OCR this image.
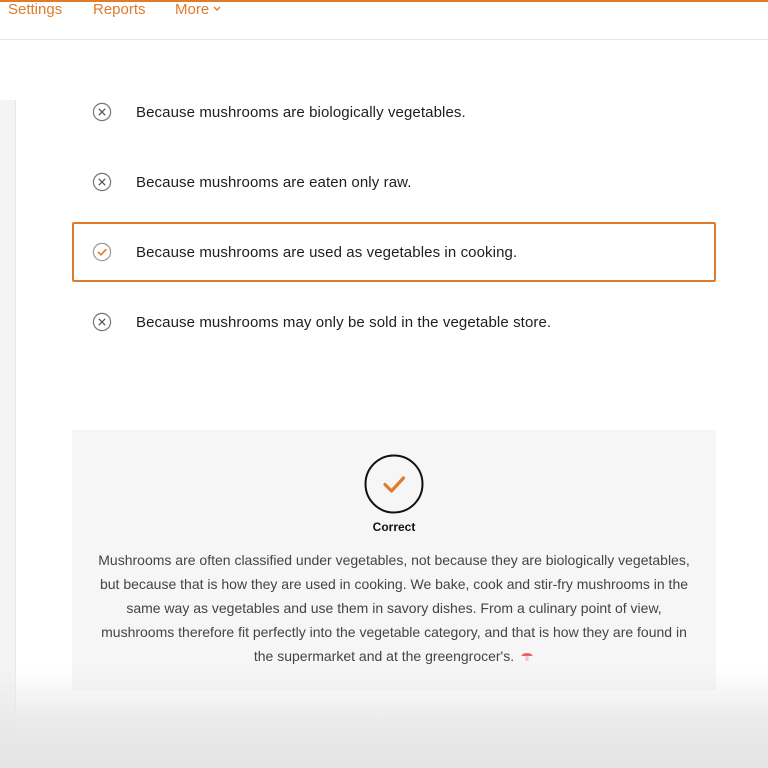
Settings Reports More
Because mushrooms are biologically vegetables.
Because mushrooms are eaten only raw.
Because mushrooms are used as vegetables in cooking.
Because mushrooms may only be sold in the vegetable store.
Correct
Mushrooms are often classified under vegetables, not because they are biologically vegetables, but because that is how they are used in cooking. We bake, cook and stir-fry mushrooms in the same way as vegetables and use them in savory dishes. From a culinary point of view, mushrooms therefore fit perfectly into the vegetable category, and that is how they are found in the supermarket and at the greengrocer's.
